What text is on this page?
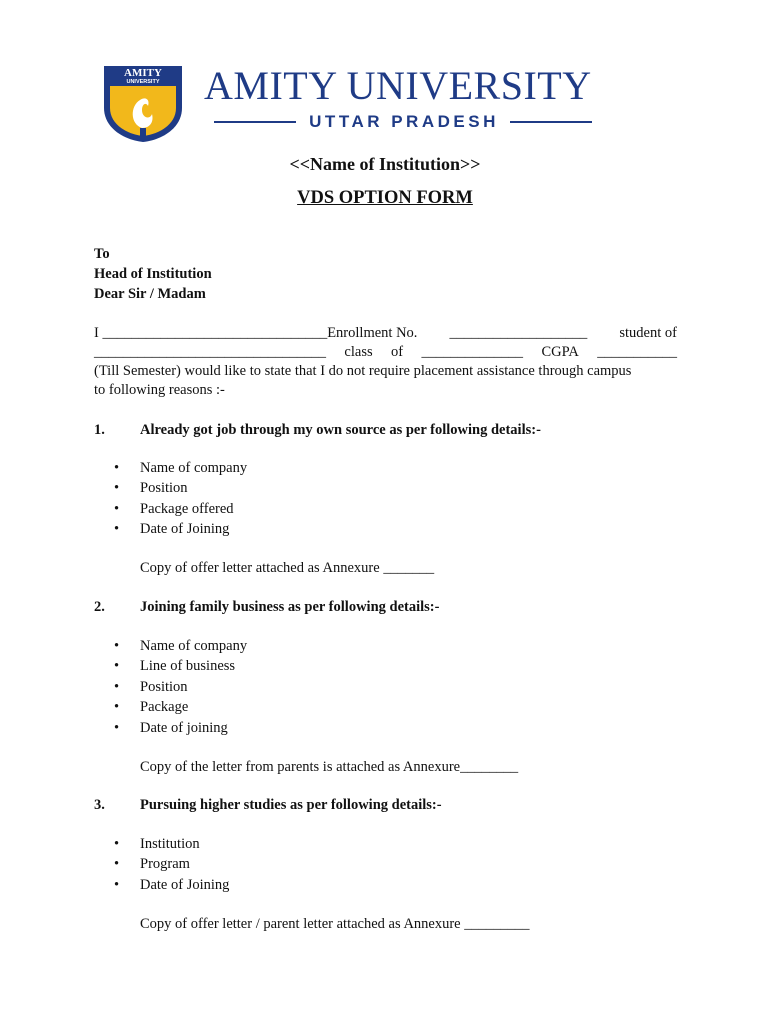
AMITY
UNIVERSITY AMITY UNIVERSITY
UTTAR PRADESH
<<Name of Institution>>
VDS OPTION FORM
To
Head of Institution
Dear Sir / Madam
I _______________________________Enrollment No. ___________________ student of
________________________________ class of ______________ CGPA ___________
(Till Semester) would like to state that I do not require placement assistance through campus
to following reasons :-
1. Already got job through my own source as per following details:-
• Name of company
• Position
• Package offered
• Date of Joining
Copy of offer letter attached as Annexure _______
2. Joining family business as per following details:-
• Name of company
• Line of business
• Position
• Package
• Date of joining
Copy of the letter from parents is attached as Annexure________
3. Pursuing higher studies as per following details:-
• Institution
• Program
• Date of Joining
Copy of offer letter / parent letter attached as Annexure _________
